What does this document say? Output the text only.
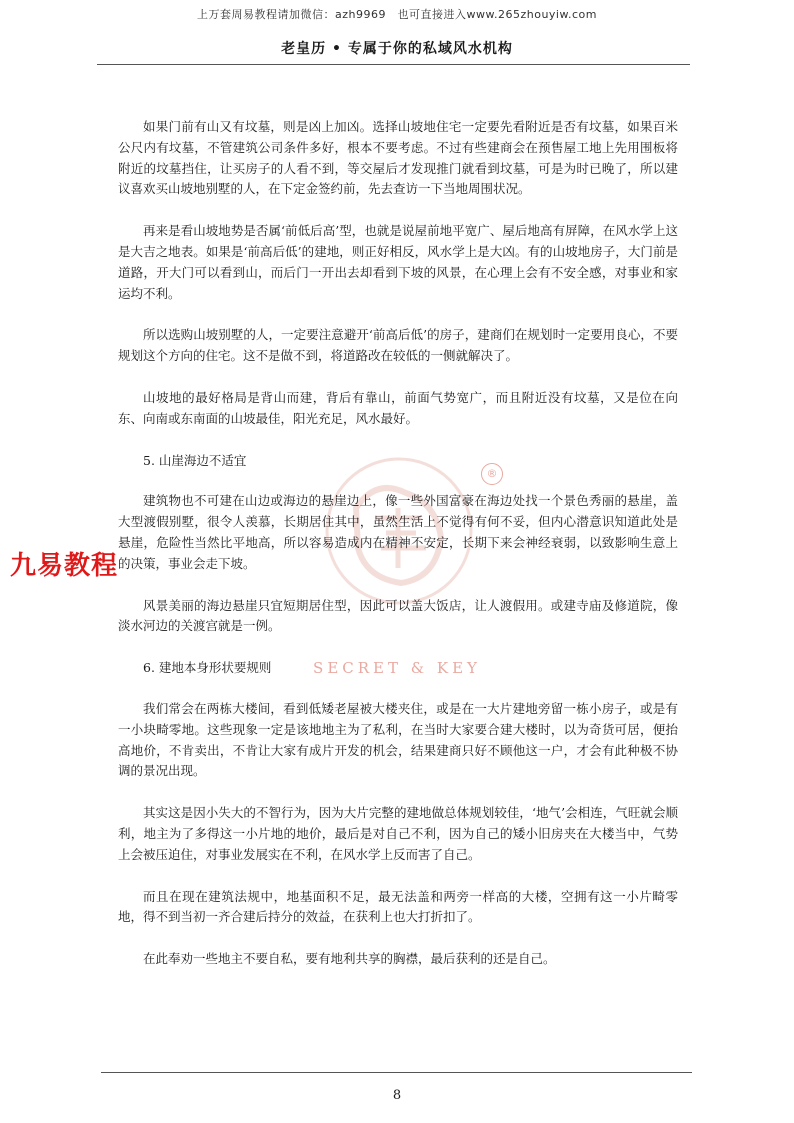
上万套周易教程请加微信：azh9969　也可直接进入www.265zhouyiw.com
老皇历 • 专属于你的私域风水机构
®
SECRET & KEY

如果门前有山又有坟墓，则是凶上加凶。选择山坡地住宅一定要先看附近是否有坟墓，如果百米公尺内有坟墓，不管建筑公司条件多好，根本不要考虑。不过有些建商会在预售屋工地上先用围板将附近的坟墓挡住，让买房子的人看不到，等交屋后才发现推门就看到坟墓，可是为时已晚了，所以建议喜欢买山坡地别墅的人，在下定金签约前，先去查访一下当地周围状况。

再来是看山坡地势是否属‘前低后高’型，也就是说屋前地平宽广、屋后地高有屏障，在风水学上这是大吉之地表。如果是‘前高后低’的建地，则正好相反，风水学上是大凶。有的山坡地房子，大门前是道路，开大门可以看到山，而后门一开出去却看到下坡的风景，在心理上会有不安全感，对事业和家运均不利。

所以选购山坡别墅的人，一定要注意避开‘前高后低’的房子，建商们在规划时一定要用良心，不要规划这个方向的住宅。这不是做不到，将道路改在较低的一侧就解决了。

山坡地的最好格局是背山而建，背后有靠山，前面气势宽广，而且附近没有坟墓，又是位在向东、向南或东南面的山坡最佳，阳光充足，风水最好。

5. 山崖海边不适宜

建筑物也不可建在山边或海边的悬崖边上，像一些外国富豪在海边处找一个景色秀丽的悬崖，盖大型渡假别墅，很令人羡慕，长期居住其中，虽然生活上不觉得有何不妥，但内心潜意识知道此处是悬崖，危险性当然比平地高，所以容易造成内在精神不安定，长期下来会神经衰弱，以致影响生意上的决策，事业会走下坡。

风景美丽的海边悬崖只宜短期居住型，因此可以盖大饭店，让人渡假用。或建寺庙及修道院，像淡水河边的关渡宫就是一例。

6. 建地本身形状要规则

我们常会在两栋大楼间，看到低矮老屋被大楼夹住，或是在一大片建地旁留一栋小房子，或是有一小块畸零地。这些现象一定是该地地主为了私利，在当时大家要合建大楼时，以为奇货可居，便抬高地价，不肯卖出，不肯让大家有成片开发的机会，结果建商只好不顾他这一户，才会有此种极不协调的景况出现。

其实这是因小失大的不智行为，因为大片完整的建地做总体规划较佳，‘地气’会相连，气旺就会顺利，地主为了多得这一小片地的地价，最后是对自己不利，因为自己的矮小旧房夹在大楼当中，气势上会被压迫住，对事业发展实在不利，在风水学上反而害了自己。

而且在现在建筑法规中，地基面积不足，最无法盖和两旁一样高的大楼，空拥有这一小片畸零地，得不到当初一齐合建后持分的效益，在获利上也大打折扣了。

在此奉劝一些地主不要自私，要有地利共享的胸襟，最后获利的还是自己。

九易教程
8
